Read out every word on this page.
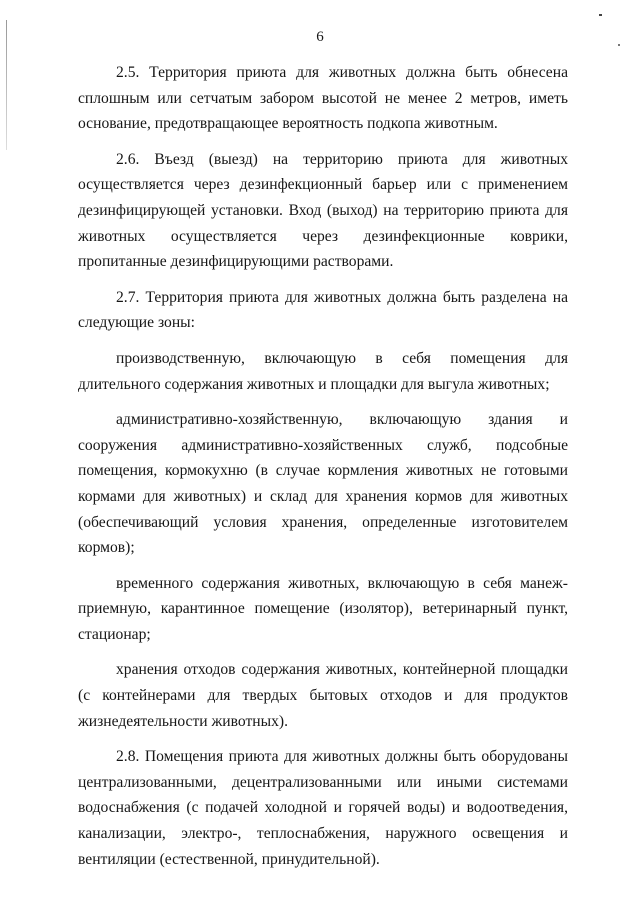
6

2.5. Территория приюта для животных должна быть обнесена сплошным или сетчатым забором высотой не менее 2 метров, иметь основание, предотвращающее вероятность подкопа животным.

2.6. Въезд (выезд) на территорию приюта для животных осуществляется через дезинфекционный барьер или с применением дезинфицирующей установки. Вход (выход) на территорию приюта для животных осуществляется через дезинфекционные коврики, пропитанные дезинфицирующими растворами.

2.7. Территория приюта для животных должна быть разделена на следующие зоны:

производственную, включающую в себя помещения для длительного содержания животных и площадки для выгула животных;

административно-хозяйственную, включающую здания и сооружения административно-хозяйственных служб, подсобные помещения, кормокухню (в случае кормления животных не готовыми кормами для животных) и склад для хранения кормов для животных (обеспечивающий условия хранения, определенные изготовителем кормов);

временного содержания животных, включающую в себя манеж-приемную, карантинное помещение (изолятор), ветеринарный пункт, стационар;

хранения отходов содержания животных, контейнерной площадки (с контейнерами для твердых бытовых отходов и для продуктов жизнедеятельности животных).

2.8. Помещения приюта для животных должны быть оборудованы централизованными, децентрализованными или иными системами водоснабжения (с подачей холодной и горячей воды) и водоотведения, канализации, электро-, теплоснабжения, наружного освещения и вентиляции (естественной, принудительной).
